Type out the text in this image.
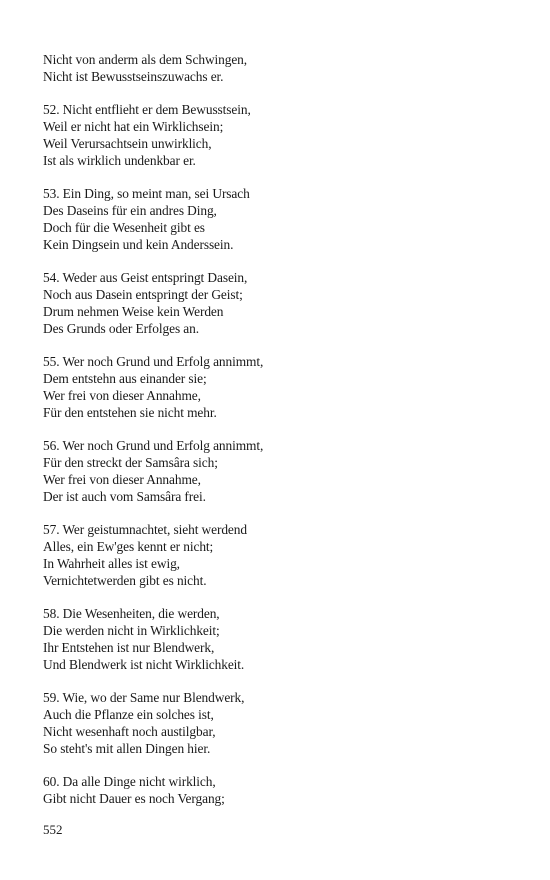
Nicht von anderm als dem Schwingen,
Nicht ist Bewusstseinszuwachs er.
52. Nicht entflieht er dem Bewusstsein,
Weil er nicht hat ein Wirklichsein;
Weil Verursachtsein unwirklich,
Ist als wirklich undenkbar er.
53. Ein Ding, so meint man, sei Ursach
Des Daseins für ein andres Ding,
Doch für die Wesenheit gibt es
Kein Dingsein und kein Anderssein.
54. Weder aus Geist entspringt Dasein,
Noch aus Dasein entspringt der Geist;
Drum nehmen Weise kein Werden
Des Grunds oder Erfolges an.
55. Wer noch Grund und Erfolg annimmt,
Dem entstehn aus einander sie;
Wer frei von dieser Annahme,
Für den entstehen sie nicht mehr.
56. Wer noch Grund und Erfolg annimmt,
Für den streckt der Samsâra sich;
Wer frei von dieser Annahme,
Der ist auch vom Samsâra frei.
57. Wer geistumnachtet, sieht werdend
Alles, ein Ew'ges kennt er nicht;
In Wahrheit alles ist ewig,
Vernichtetwerden gibt es nicht.
58. Die Wesenheiten, die werden,
Die werden nicht in Wirklichkeit;
Ihr Entstehen ist nur Blendwerk,
Und Blendwerk ist nicht Wirklichkeit.
59. Wie, wo der Same nur Blendwerk,
Auch die Pflanze ein solches ist,
Nicht wesenhaft noch austilgbar,
So steht's mit allen Dingen hier.
60. Da alle Dinge nicht wirklich,
Gibt nicht Dauer es noch Vergang;
552
